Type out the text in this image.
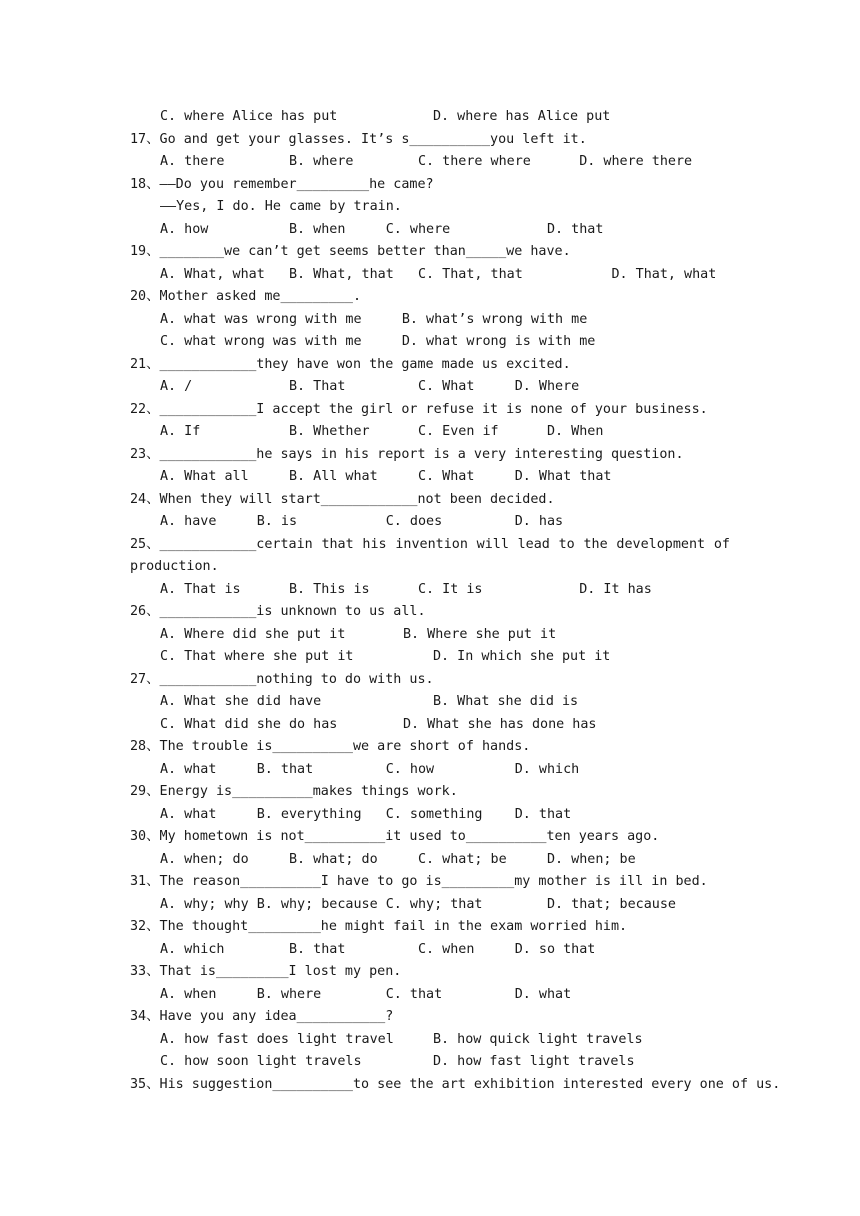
C. where Alice has put	D. where has Alice put
17、Go and get your glasses. It’s s__________you left it.
A. there        B. where        C. there where      D. where there
18、——Do you remember_________he came?
——Yes, I do. He came by train.
A. how          B. when     C. where            D. that
19、________we can’t get seems better than_____we have.
A. What, what   B. What, that   C. That, that           D. That, what
20、Mother asked me_________.
A. what was wrong with me     B. what’s wrong with me
C. what wrong was with me     D. what wrong is with me
21、____________they have won the game made us excited.
A. /            B. That         C. What     D. Where
22、____________I accept the girl or refuse it is none of your business.
A. If           B. Whether      C. Even if      D. When
23、____________he says in his report is a very interesting question.
A. What all     B. All what     C. What     D. What that
24、When they will start____________not been decided.
A. have     B. is           C. does         D. has
25、____________certain that his invention will lead to the development of
production.
A. That is      B. This is      C. It is            D. It has
26、____________is unknown to us all.
A. Where did she put it	B. Where she put it
C. That where she put it	D. In which she put it
27、____________nothing to do with us.
A. What she did have	B. What she did is
C. What did she do has	D. What she has done has
28、The trouble is__________we are short of hands.
A. what     B. that         C. how          D. which
29、Energy is__________makes things work.
A. what     B. everything   C. something    D. that
30、My hometown is not__________it used to__________ten years ago.
A. when; do     B. what; do     C. what; be     D. when; be
31、The reason__________I have to go is_________my mother is ill in bed.
A. why; why B. why; because C. why; that        D. that; because
32、The thought_________he might fail in the exam worried him.
A. which        B. that         C. when     D. so that
33、That is_________I lost my pen.
A. when     B. where        C. that         D. what
34、Have you any idea___________?
A. how fast does light travel	B. how quick light travels
C. how soon light travels	D. how fast light travels
35、His suggestion__________to see the art exhibition interested every one of us.
